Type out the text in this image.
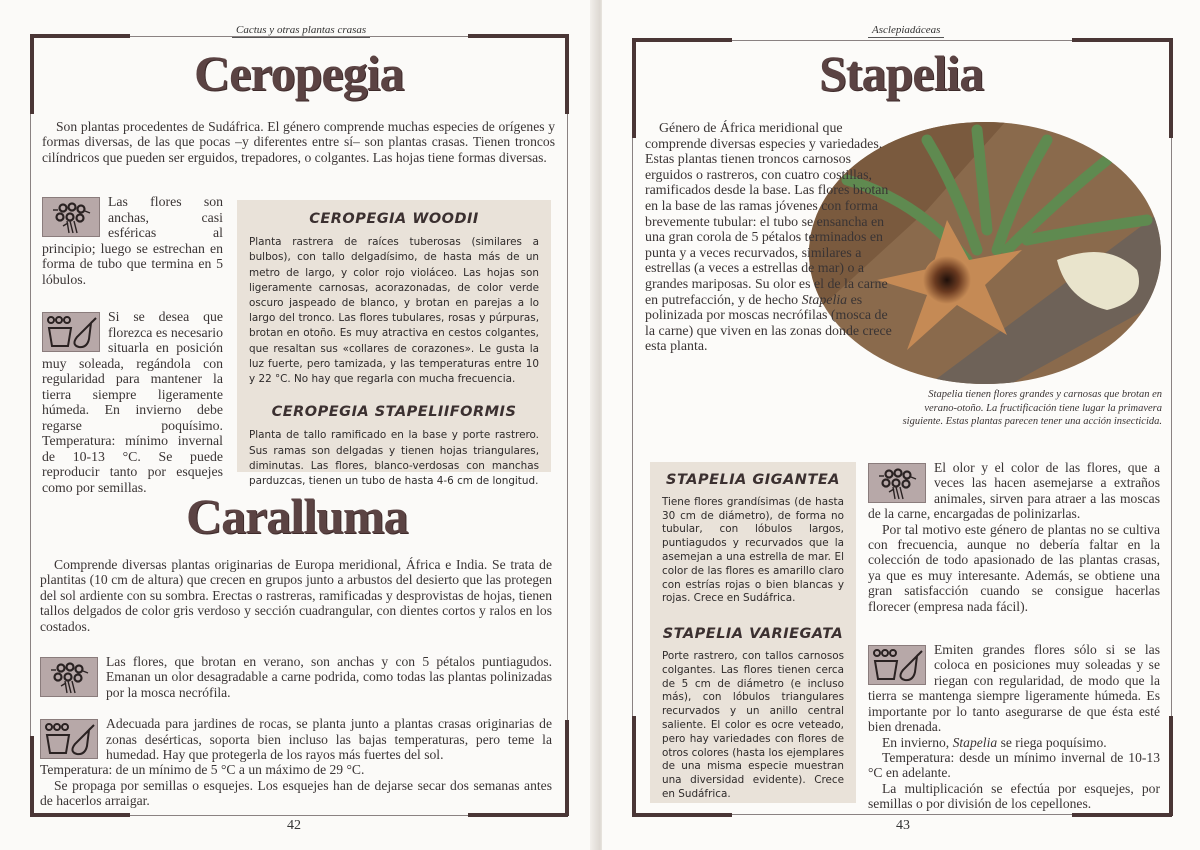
Cactus y otras plantas crasas
Ceropegia

Son plantas procedentes de Sudáfrica. El género comprende muchas especies de orígenes y formas diversas, de las que pocas –y diferentes entre sí– son plantas crasas. Tienen troncos cilíndricos que pueden ser erguidos, trepadores, o colgantes. Las hojas tiene formas diversas.

Las flores son anchas, casi esféricas al principio; luego se estrechan en forma de tubo que termina en 5 lóbulos.
Si se desea que florezca es necesario situarla en posición muy soleada, regándola con regularidad para mantener la tierra siempre ligeramente húmeda. En invierno debe regarse poquísimo. Temperatura: mínimo invernal de 10-13 °C. Se puede reproducir tanto por esquejes como por semillas.
CEROPEGIA WOODII
Planta rastrera de raíces tuberosas (similares a bulbos), con tallo delgadísimo, de hasta más de un metro de largo, y color rojo violáceo. Las hojas son ligeramente carnosas, acorazonadas, de color verde oscuro jaspeado de blanco, y brotan en parejas a lo largo del tronco. Las flores tubulares, rosas y púrpuras, brotan en otoño. Es muy atractiva en cestos colgantes, que resaltan sus «collares de corazones». Le gusta la luz fuerte, pero tamizada, y las temperaturas entre 10 y 22 °C. No hay que regarla con mucha frecuencia.
CEROPEGIA STAPELIIFORMIS
Planta de tallo ramificado en la base y porte rastrero. Sus ramas son delgadas y tienen hojas triangulares, diminutas. Las flores, blanco-verdosas con manchas parduzcas, tienen un tubo de hasta 4-6 cm de longitud.
Caralluma

Comprende diversas plantas originarias de Europa meridional, África e India. Se trata de plantitas (10 cm de altura) que crecen en grupos junto a arbustos del desierto que las protegen del sol ardiente con su sombra. Erectas o rastreras, ramificadas y desprovistas de hojas, tienen tallos delgados de color gris verdoso y sección cuadrangular, con dientes cortos y ralos en los costados.

Las flores, que brotan en verano, son anchas y con 5 pétalos puntiagudos. Emanan un olor desagradable a carne podrida, como todas las plantas polinizadas por la mosca necrófila.
Adecuada para jardines de rocas, se planta junto a plantas crasas originarias de zonas desérticas, soporta bien incluso las bajas temperaturas, pero teme la humedad. Hay que protegerla de los rayos más fuertes del sol.
Temperatura: de un mínimo de 5 °C a un máximo de 29 °C.

Se propaga por semillas o esquejes. Los esquejes han de dejarse secar dos semanas antes de hacerlos arraigar.

42
Asclepiadáceas
Stapelia

Género de África meridional que comprende diversas especies y variedades. Estas plantas tienen troncos carnosos erguidos o rastreros, con cuatro costillas, ramificados desde la base. Las flores brotan en la base de las ramas jóvenes con forma brevemente tubular: el tubo se ensancha en una gran corola de 5 pétalos terminados en punta y a veces recurvados, similares a estrellas (a veces a estrellas de mar) o a grandes mariposas. Su olor es el de la carne en putrefacción, y de hecho Stapelia es polinizada por moscas necrófilas (mosca de la carne) que viven en las zonas donde crece esta planta.

Stapelia tienen flores grandes y carnosas que brotan en verano-otoño. La fructificación tiene lugar la primavera siguiente. Estas plantas parecen tener una acción insecticida.
STAPELIA GIGANTEA
Tiene flores grandísimas (de hasta 30 cm de diámetro), de forma no tubular, con lóbulos largos, puntiagudos y recurvados que la asemejan a una estrella de mar. El color de las flores es amarillo claro con estrías rojas o bien blancas y rojas. Crece en Sudáfrica.
STAPELIA VARIEGATA
Porte rastrero, con tallos carnosos colgantes. Las flores tienen cerca de 5 cm de diámetro (e incluso más), con lóbulos triangulares recurvados y un anillo central saliente. El color es ocre veteado, pero hay variedades con flores de otros colores (hasta los ejemplares de una misma especie muestran una diversidad evidente). Crece en Sudáfrica.
El olor y el color de las flores, que a veces las hacen asemejarse a extraños animales, sirven para atraer a las moscas de la carne, encargadas de polinizarlas.

Por tal motivo este género de plantas no se cultiva con frecuencia, aunque no debería faltar en la colección de todo apasionado de las plantas crasas, ya que es muy interesante. Además, se obtiene una gran satisfacción cuando se consigue hacerlas florecer (empresa nada fácil).

Emiten grandes flores sólo si se las coloca en posiciones muy soleadas y se riegan con regularidad, de modo que la tierra se mantenga siempre ligeramente húmeda. Es importante por lo tanto asegurarse de que ésta esté bien drenada.

En invierno, Stapelia se riega poquísimo.

Temperatura: desde un mínimo invernal de 10-13 °C en adelante.

La multiplicación se efectúa por esquejes, por semillas o por división de los cepellones.

43
